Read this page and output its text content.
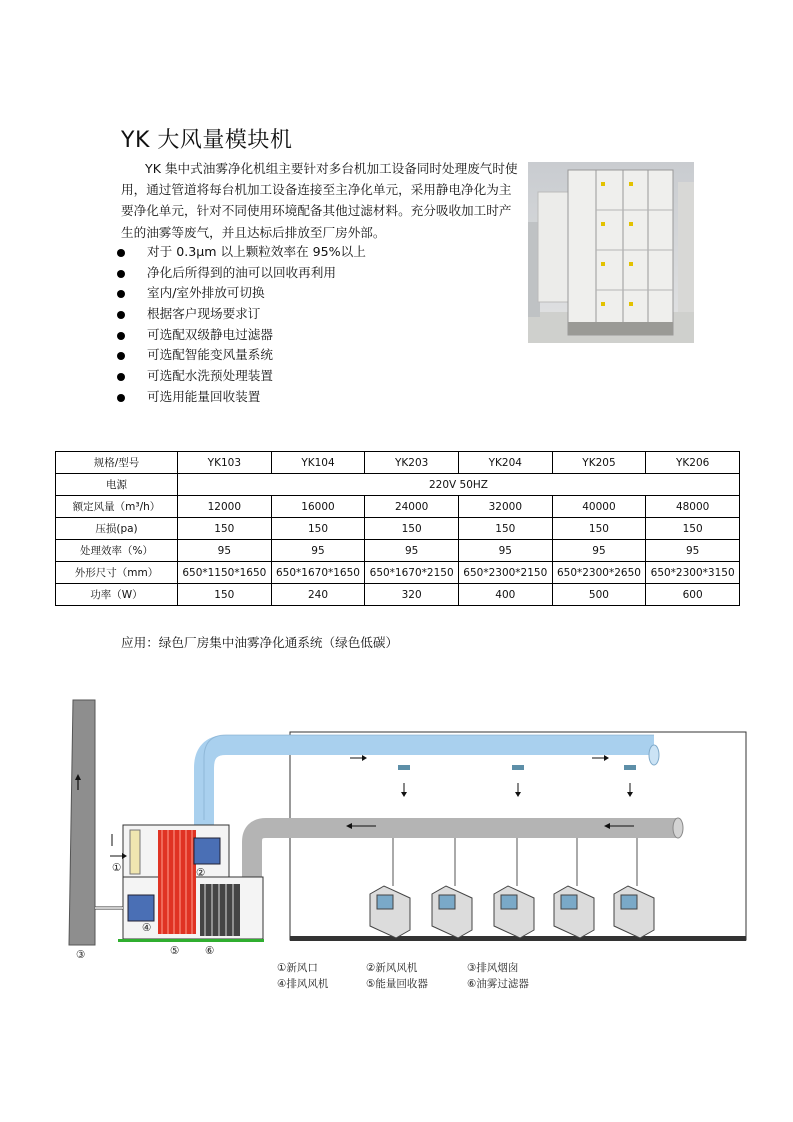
YK 大风量模块机

YK 集中式油雾净化机组主要针对多台机加工设备同时处理废气时使用，通过管道将每台机加工设备连接至主净化单元，采用静电净化为主要净化单元，针对不同使用环境配备其他过滤材料。充分吸收加工时产生的油雾等废气，并且达标后排放至厂房外部。

对于 0.3μm 以上颗粒效率在 95%以上
净化后所得到的油可以回收再利用
室内/室外排放可切换
根据客户现场要求订
可选配双级静电过滤器
可选配智能变风量系统
可选配水洗预处理装置
可选用能量回收装置
规格/型号	YK103	YK104	YK203	YK204	YK205	YK206
电源	220V 50HZ					
额定风量（m³/h）	12000	16000	24000	32000	40000	48000
压损(pa)	150	150	150	150	150	150
处理效率（%）	95	95	95	95	95	95
外形尺寸（mm）	650*1150*1650	650*1670*1650	650*1670*2150	650*2300*2150	650*2300*2650	650*2300*3150
功率（W）	150	240	320	400	500	600
应用：绿色厂房集中油雾净化通系统（绿色低碳）
①	②
③
④
⑤ ⑥
①新风口	②新风风机	③排风烟囱
④排风风机	⑤能量回收器	⑥油雾过滤器
